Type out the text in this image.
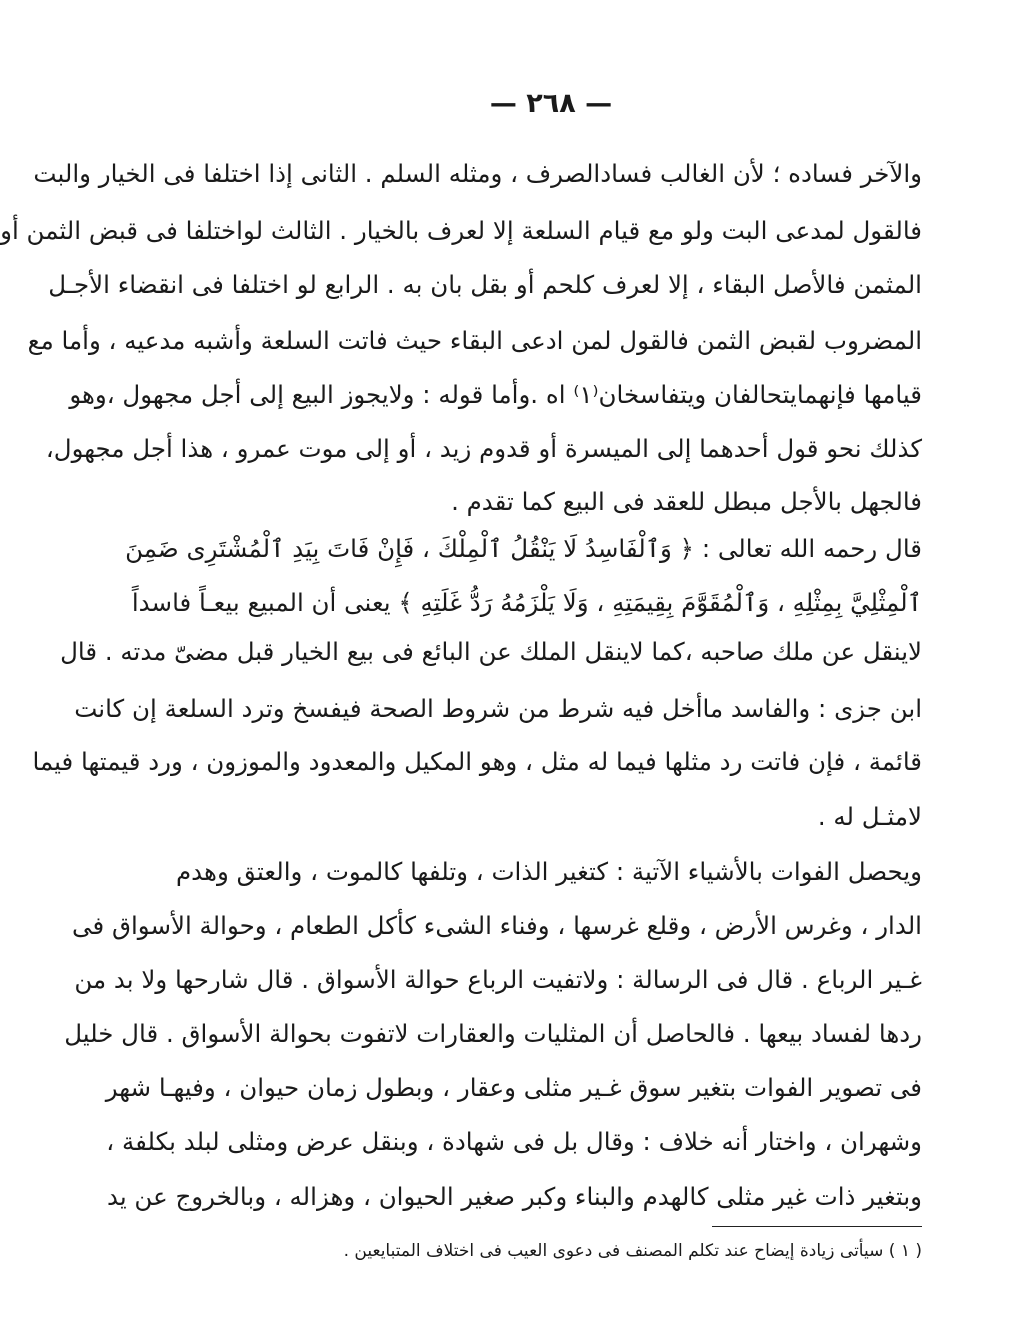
— ٢٦٨ —
والآخر فساده ؛ لأن الغالب فسادالصرف ، ومثله السلم . الثانى إذا اختلفا فى الخيار والبت
فالقول لمدعى البت ولو مع قيام السلعة إلا لعرف بالخيار . الثالث لواختلفا فى قبض الثمن أو
المثمن فالأصل البقاء ، إلا لعرف كلحم أو بقل بان به . الرابع لو اختلفا فى انقضاء الأجـل
المضروب لقبض الثمن فالقول لمن ادعى البقاء حيث فاتت السلعة وأشبه مدعيه ، وأما مع
قيامها فإنهمايتحالفان ويتفاسخان⁽١⁾ اه .وأما قوله : ولايجوز البيع إلى أجل مجهول ،وهو
كذلك نحو قول أحدهما إلى الميسرة أو قدوم زيد ، أو إلى موت عمرو ، هذا أجل مجهول،
فالجهل بالأجل مبطل للعقد فى البيع كما تقدم .
قال رحمه الله تعالى : ﴿ وَٱلْفَاسِدُ لَا يَنْقُلُ ٱلْمِلْكَ ، فَإِنْ فَاتَ بِيَدِ ٱلْمُشْتَرِى ضَمِنَ
ٱلْمِثْلِيَّ بِمِثْلِهِ ، وَٱلْمُقَوَّمَ بِقِيمَتِهِ ، وَلَا يَلْزَمُهُ رَدُّ غَلَتِهِ ﴾ يعنى أن المبيع بيعـاً فاسداً
لاينقل عن ملك صاحبه ،كما لاينقل الملك عن البائع فى بيع الخيار قبل مضىّ مدته . قال
ابن جزى : والفاسد ماأخل فيه شرط من شروط الصحة فيفسخ وترد السلعة إن كانت
قائمة ، فإن فاتت رد مثلها فيما له مثل ، وهو المكيل والمعدود والموزون ، ورد قيمتها فيما
لامثـل له .
ويحصل الفوات بالأشياء الآتية : كتغير الذات ، وتلفها كالموت ، والعتق وهدم
الدار ، وغرس الأرض ، وقلع غرسها ، وفناء الشىء كأكل الطعام ، وحوالة الأسواق فى
غـير الرباع . قال فى الرسالة : ولاتفيت الرباع حوالة الأسواق . قال شارحها ولا بد من
ردها لفساد بيعها . فالحاصل أن المثليات والعقارات لاتفوت بحوالة الأسواق . قال خليل
فى تصوير الفوات بتغير سوق غـير مثلى وعقار ، وبطول زمان حيوان ، وفيهـا شهر
وشهران ، واختار أنه خلاف : وقال بل فى شهادة ، وبنقل عرض ومثلى لبلد بكلفة ،
وبتغير ذات غير مثلى كالهدم والبناء وكبر صغير الحيوان ، وهزاله ، وبالخروج عن يد
( ١ ) سيأتى زيادة إيضاح عند تكلم المصنف فى دعوى العيب فى اختلاف المتبايعين .
